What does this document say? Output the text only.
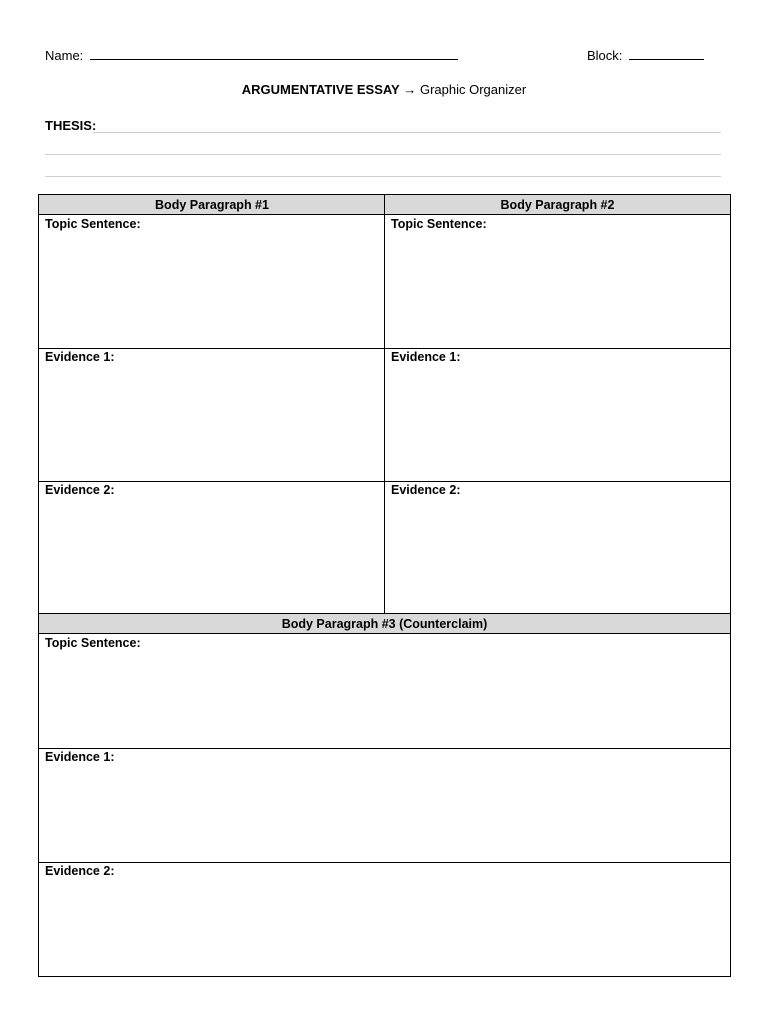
Name:	Block:
ARGUMENTATIVE ESSAY → Graphic Organizer
THESIS:
Body Paragraph #1	Body Paragraph #2
Topic Sentence:
Evidence 1:
Evidence 2:
Topic Sentence:
Evidence 1:
Evidence 2:
Body Paragraph #3 (Counterclaim)
Topic Sentence:
Evidence 1:
Evidence 2:
